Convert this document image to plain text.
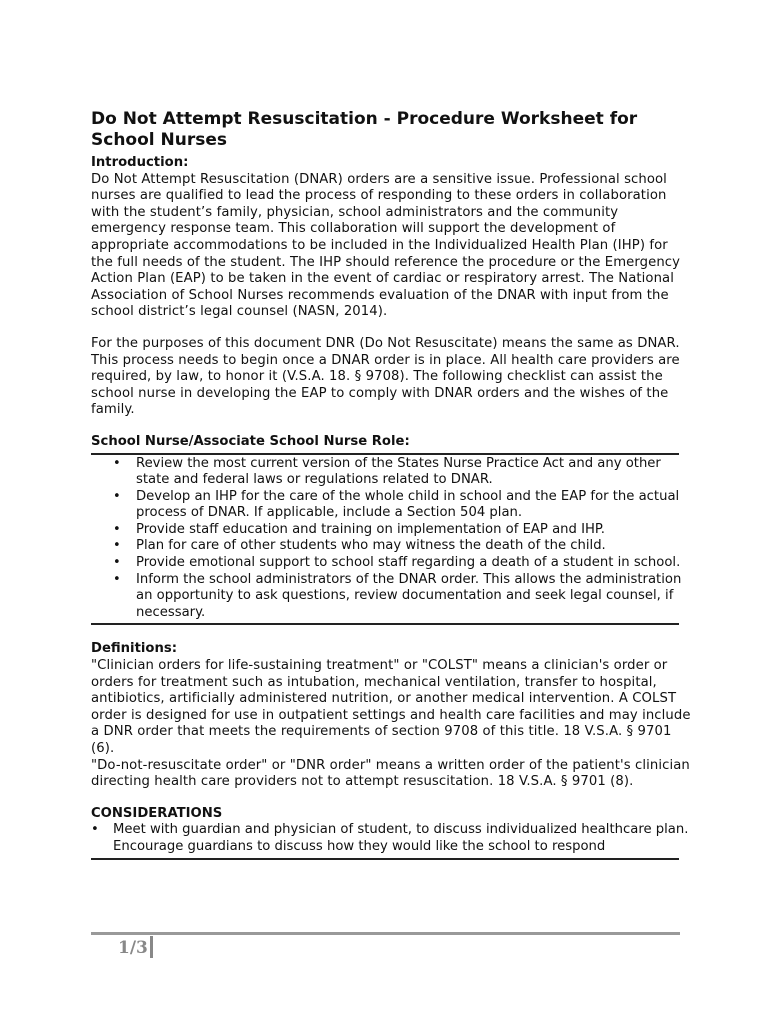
Do Not Attempt Resuscitation - Procedure Worksheet for School Nurses
Introduction:

Do Not Attempt Resuscitation (DNAR) orders are a sensitive issue. Professional school nurses are qualified to lead the process of responding to these orders in collaboration with the student’s family, physician, school administrators and the community emergency response team. This collaboration will support the development of appropriate accommodations to be included in the Individualized Health Plan (IHP) for the full needs of the student. The IHP should reference the procedure or the Emergency Action Plan (EAP) to be taken in the event of cardiac or respiratory arrest. The National Association of School Nurses recommends evaluation of the DNAR with input from the school district’s legal counsel (NASN, 2014).

For the purposes of this document DNR (Do Not Resuscitate) means the same as DNAR. This process needs to begin once a DNAR order is in place. All health care providers are required, by law, to honor it (V.S.A. 18. § 9708). The following checklist can assist the school nurse in developing the EAP to comply with DNAR orders and the wishes of the family.

School Nurse/Associate School Nurse Role:
• Review the most current version of the States Nurse Practice Act and any other state and federal laws or regulations related to DNAR.
• Develop an IHP for the care of the whole child in school and the EAP for the actual process of DNAR. If applicable, include a Section 504 plan.
• Provide staff education and training on implementation of EAP and IHP.
• Plan for care of other students who may witness the death of the child.
• Provide emotional support to school staff regarding a death of a student in school.
• Inform the school administrators of the DNAR order. This allows the administration an opportunity to ask questions, review documentation and seek legal counsel, if necessary.
Definitions:

"Clinician orders for life-sustaining treatment" or "COLST" means a clinician's order or orders for treatment such as intubation, mechanical ventilation, transfer to hospital, antibiotics, artificially administered nutrition, or another medical intervention. A COLST order is designed for use in outpatient settings and health care facilities and may include a DNR order that meets the requirements of section 9708 of this title. 18 V.S.A. § 9701 (6).

"Do-not-resuscitate order" or "DNR order" means a written order of the patient's clinician directing health care providers not to attempt resuscitation. 18 V.S.A. § 9701 (8).

CONSIDERATIONS
• Meet with guardian and physician of student, to discuss individualized healthcare plan. Encourage guardians to discuss how they would like the school to respond
1/3
